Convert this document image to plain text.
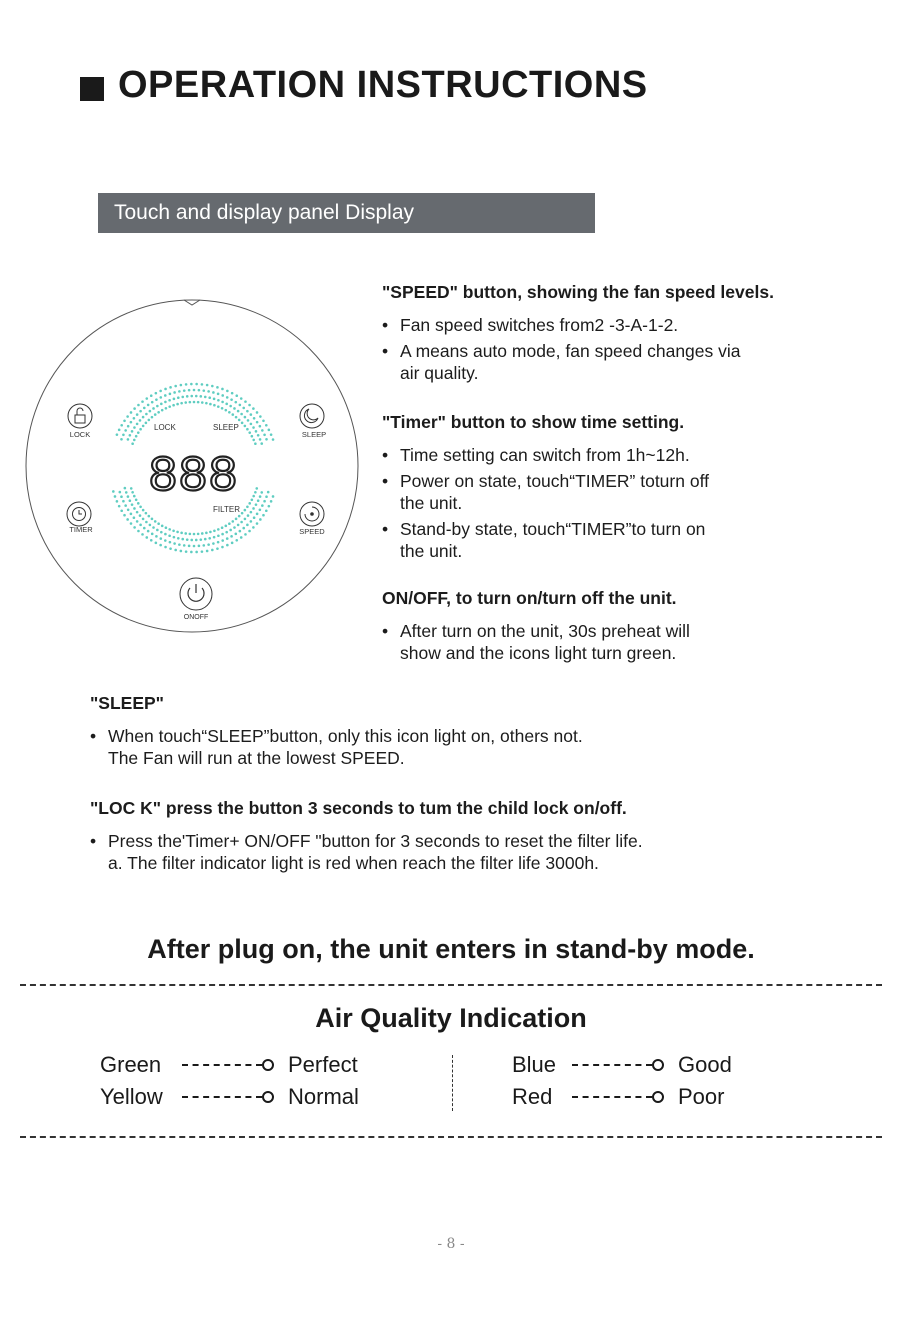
OPERATION INSTRUCTIONS
Touch and display panel Display
LOCK	SLEEP
FILTER
888
LOCK	SLEEP
TIMER	SPEED
ONOFF
"SPEED" button, showing the fan speed levels.
• Fan speed switches from2 -3-A-1-2.
• A means auto mode, fan speed changes via
air quality.
"Timer" button to show time setting.
• Time setting can switch from 1h~12h.
• Power on state, touch“TIMER” toturn off
the unit.
• Stand-by state, touch“TIMER”to turn on
the unit.
ON/OFF, to turn on/turn off the unit.
• After turn on the unit, 30s preheat will
show and the icons light turn green.
"SLEEP"
• When touch“SLEEP”button, only this icon light on, others not.
The Fan will run at the lowest SPEED.
"LOC K" press the button 3 seconds to tum the child lock on/off.
• Press the'Timer+ ON/OFF "button for 3 seconds to reset the filter life.
a. The filter indicator light is red when reach the filter life 3000h.
After plug on, the unit enters in stand-by mode.
Air Quality Indication
Green	Perfect
Yellow	Normal
Blue	Good
Red	Poor
- 8 -
